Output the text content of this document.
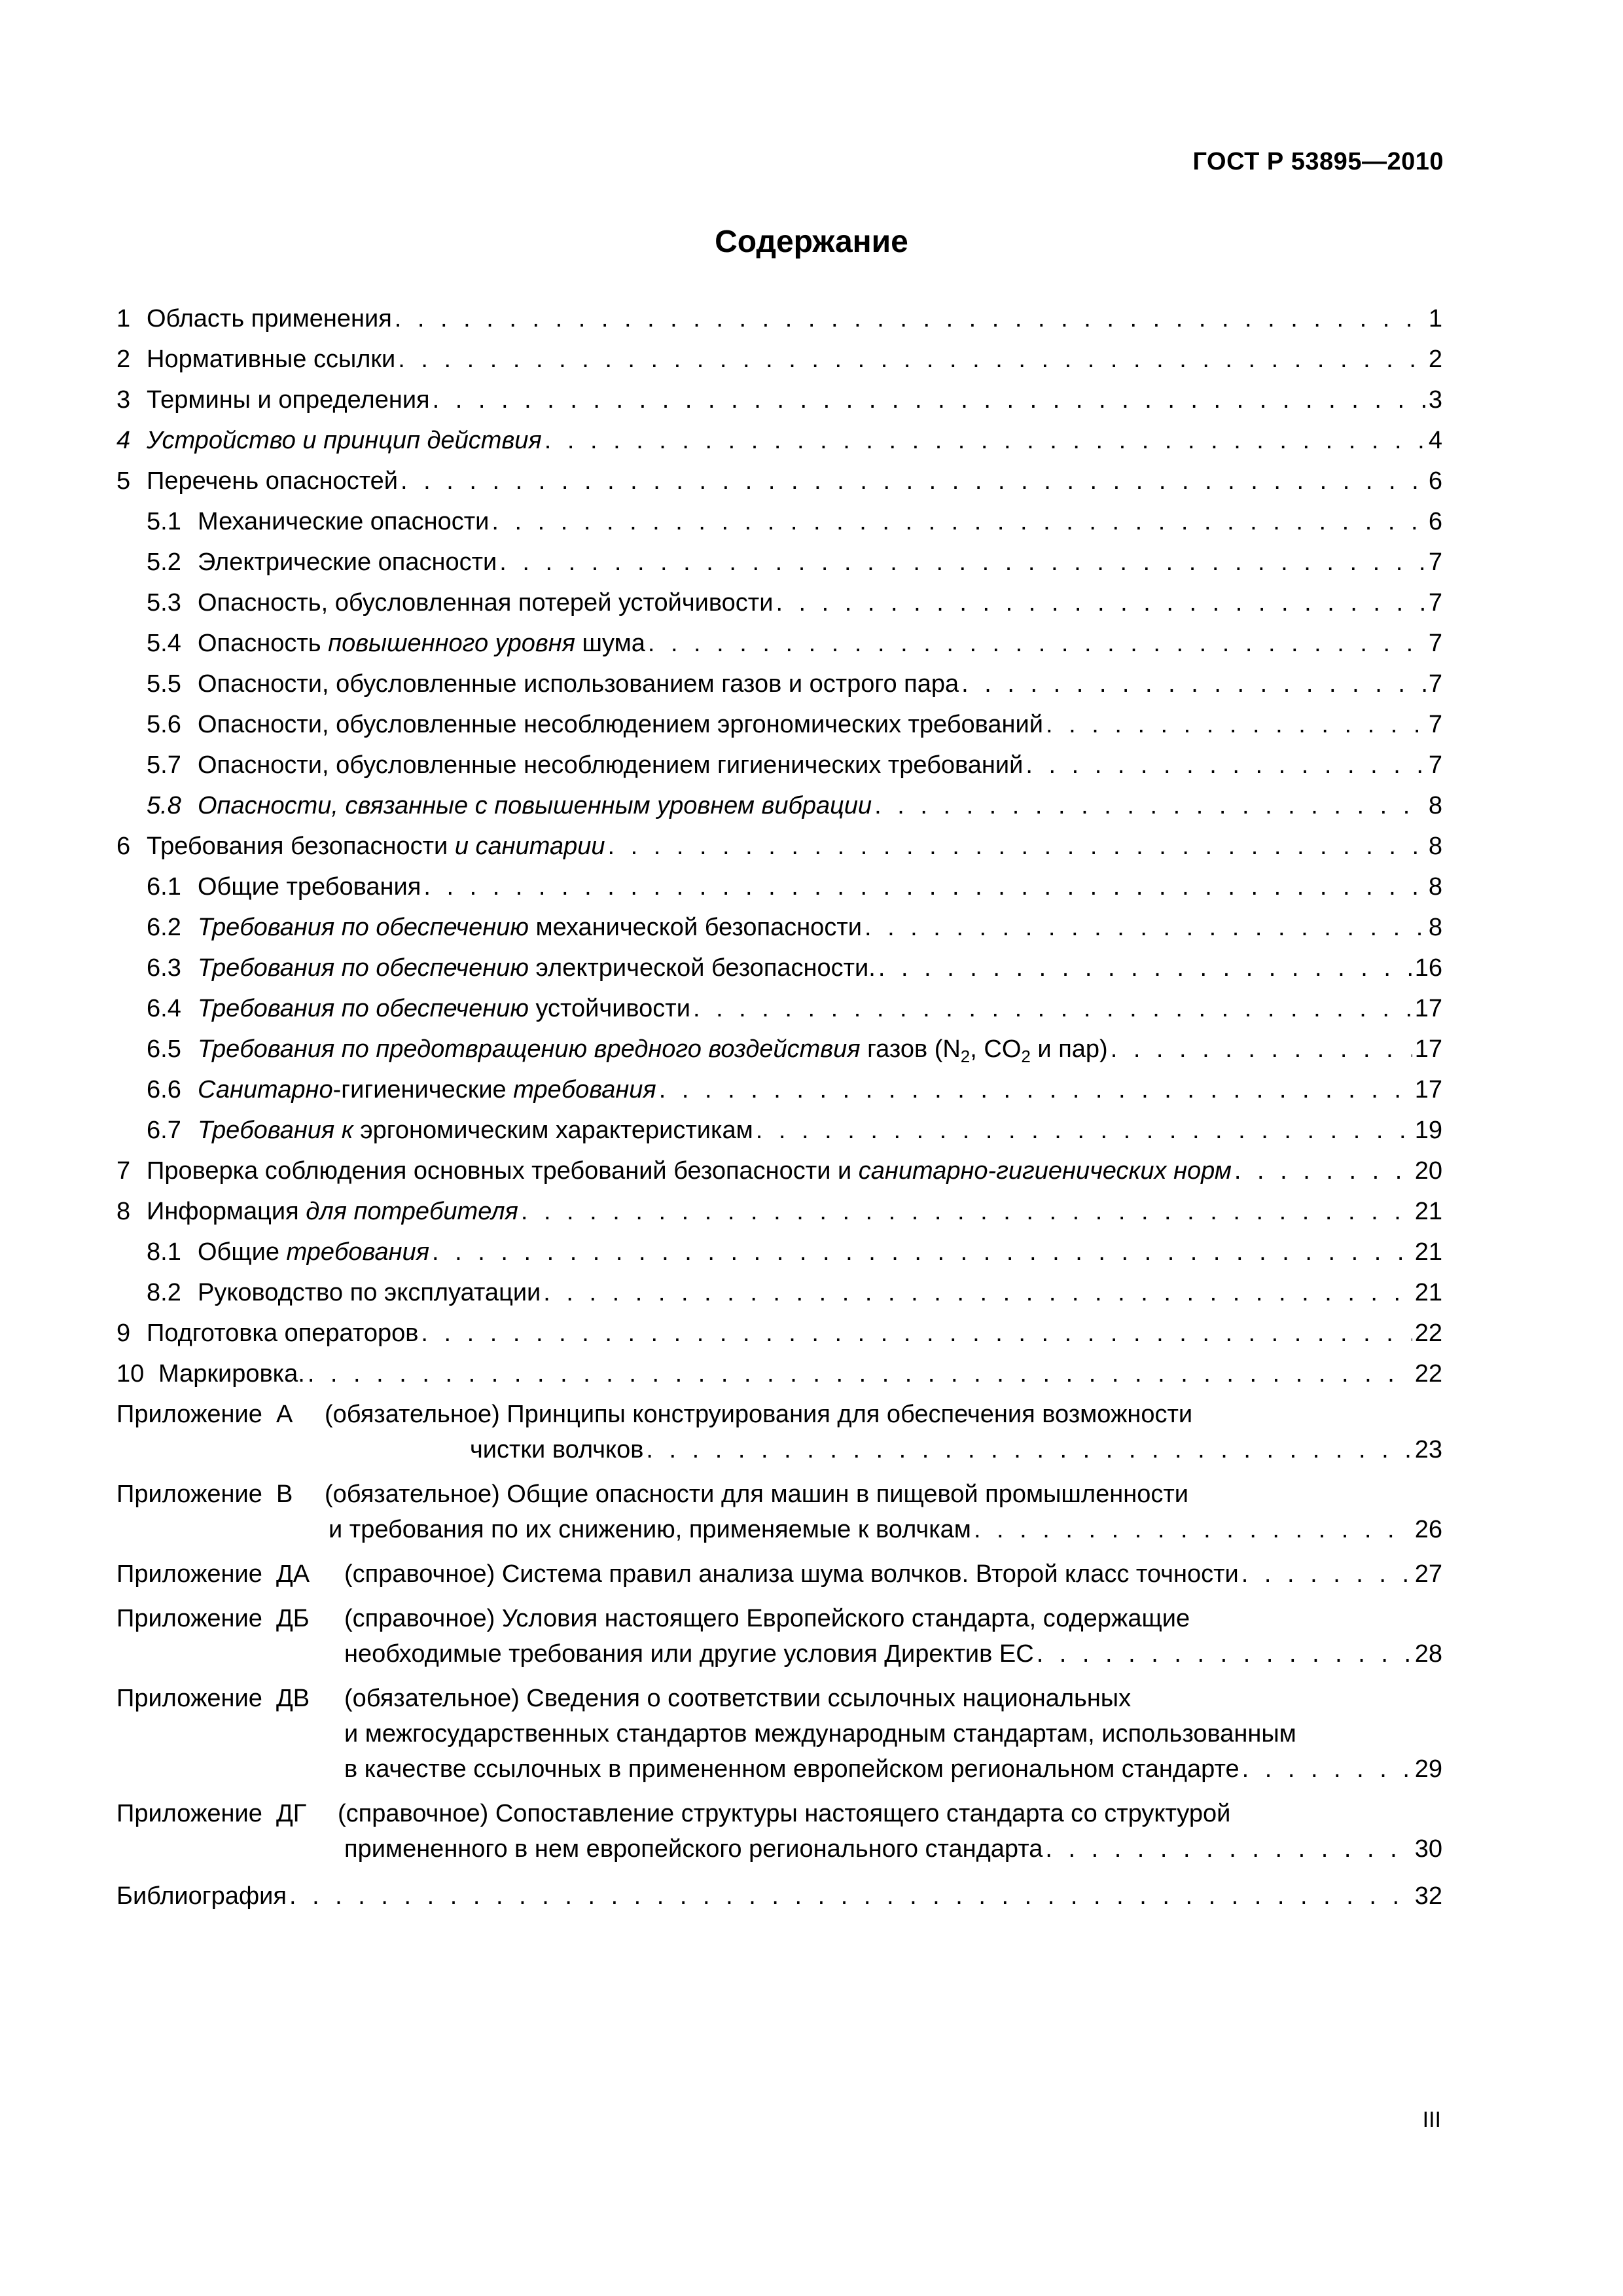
ГОСТ Р 53895—2010
Содержание
1 Область применения . . .	1
2 Нормативные ссылки . . .	2
3 Термины и определения . . .	3
4 Устройство и принцип действия . . .	4
5 Перечень опасностей . . .	6
5.1 Механические опасности . . .	6
5.2 Электрические опасности . . .	7
5.3 Опасность, обусловленная потерей устойчивости . . .	7
5.4 Опасность повышенного уровня шума . . .	7
5.5 Опасности, обусловленные использованием газов и острого пара . . .	7
5.6 Опасности, обусловленные несоблюдением эргономических требований . . .	7
5.7 Опасности, обусловленные несоблюдением гигиенических требований . . .	7
5.8 Опасности, связанные с повышенным уровнем вибрации . . .	8
6 Требования безопасности и санитарии . . .	8
6.1 Общие требования . . .	8
6.2 Требования по обеспечению механической безопасности . . .	8
6.3 Требования по обеспечению электрической безопасности. . . .	16
6.4 Требования по обеспечению устойчивости . . .	17
6.5 Требования по предотвращению вредного воздействия газов ($N_2$, $CO_2$ и пар) . . .	17
6.6 Санитарно-гигиенические требования . . .	17
6.7 Требования к эргономическим характеристикам . . .	19
7 Проверка соблюдения основных требований безопасности и санитарно-гигиенических норм . . .	20
8 Информация для потребителя . . .	21
8.1 Общие требования . . .	21
8.2 Руководство по эксплуатации . . .	21
9 Подготовка операторов . . .	22
10 Маркировка. . . .	22
Приложение  А	(обязательное) Принципы конструирования для обеспечения возможности
чистки волчков . . .	23
Приложение  В	(обязательное) Общие опасности для машин в пищевой промышленности
и требования по их снижению, применяемые к волчкам . . .	26
Приложение  ДА	(справочное) Система правил анализа шума волчков. Второй класс точности . . .	27
Приложение  ДБ	(справочное) Условия настоящего Европейского стандарта, содержащие
необходимые требования или другие условия Директив ЕС . . .	28
Приложение  ДВ	(обязательное) Сведения о соответствии ссылочных национальных
и межгосударственных стандартов международным стандартам, использованным
в качестве ссылочных в примененном европейском региональном стандарте . . .	29
Приложение  ДГ	(справочное) Сопоставление структуры настоящего стандарта со структурой
примененного в нем европейского регионального стандарта . . .	30
Библиография . . .	32
III
